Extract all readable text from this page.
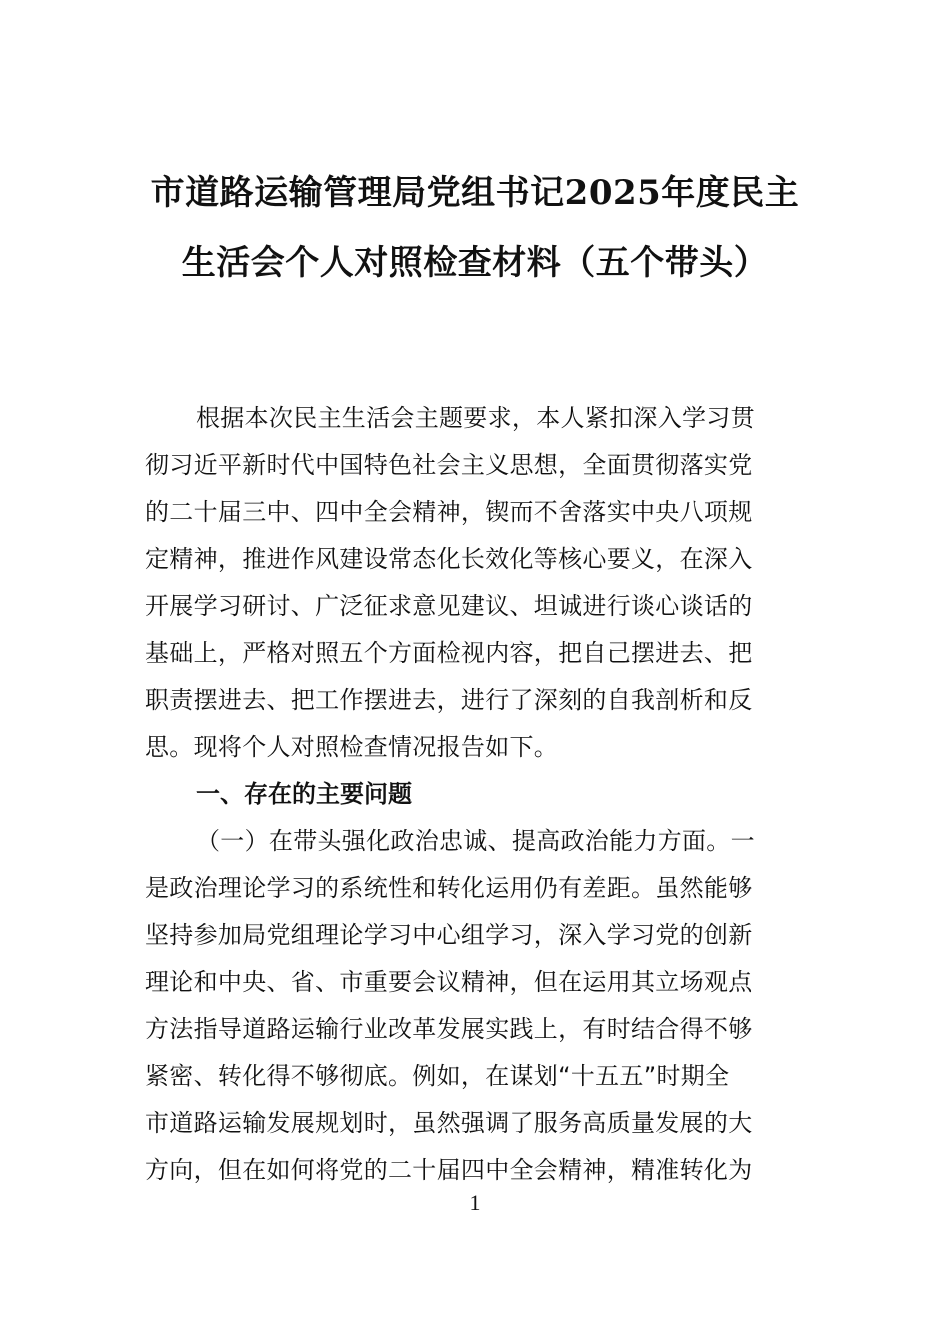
市道路运输管理局党组书记2025年度民主
生活会个人对照检查材料（五个带头）
根据本次民主生活会主题要求，本人紧扣深入学习贯
彻习近平新时代中国特色社会主义思想，全面贯彻落实党
的二十届三中、四中全会精神，锲而不舍落实中央八项规
定精神，推进作风建设常态化长效化等核心要义，在深入
开展学习研讨、广泛征求意见建议、坦诚进行谈心谈话的
基础上，严格对照五个方面检视内容，把自己摆进去、把
职责摆进去、把工作摆进去，进行了深刻的自我剖析和反
思。现将个人对照检查情况报告如下。
一、存在的主要问题
（一）在带头强化政治忠诚、提高政治能力方面。一
是政治理论学习的系统性和转化运用仍有差距。虽然能够
坚持参加局党组理论学习中心组学习，深入学习党的创新
理论和中央、省、市重要会议精神，但在运用其立场观点
方法指导道路运输行业改革发展实践上，有时结合得不够
紧密、转化得不够彻底。例如，在谋划“十五五”时期全
市道路运输发展规划时，虽然强调了服务高质量发展的大
方向，但在如何将党的二十届四中全会精神，精准转化为
1
